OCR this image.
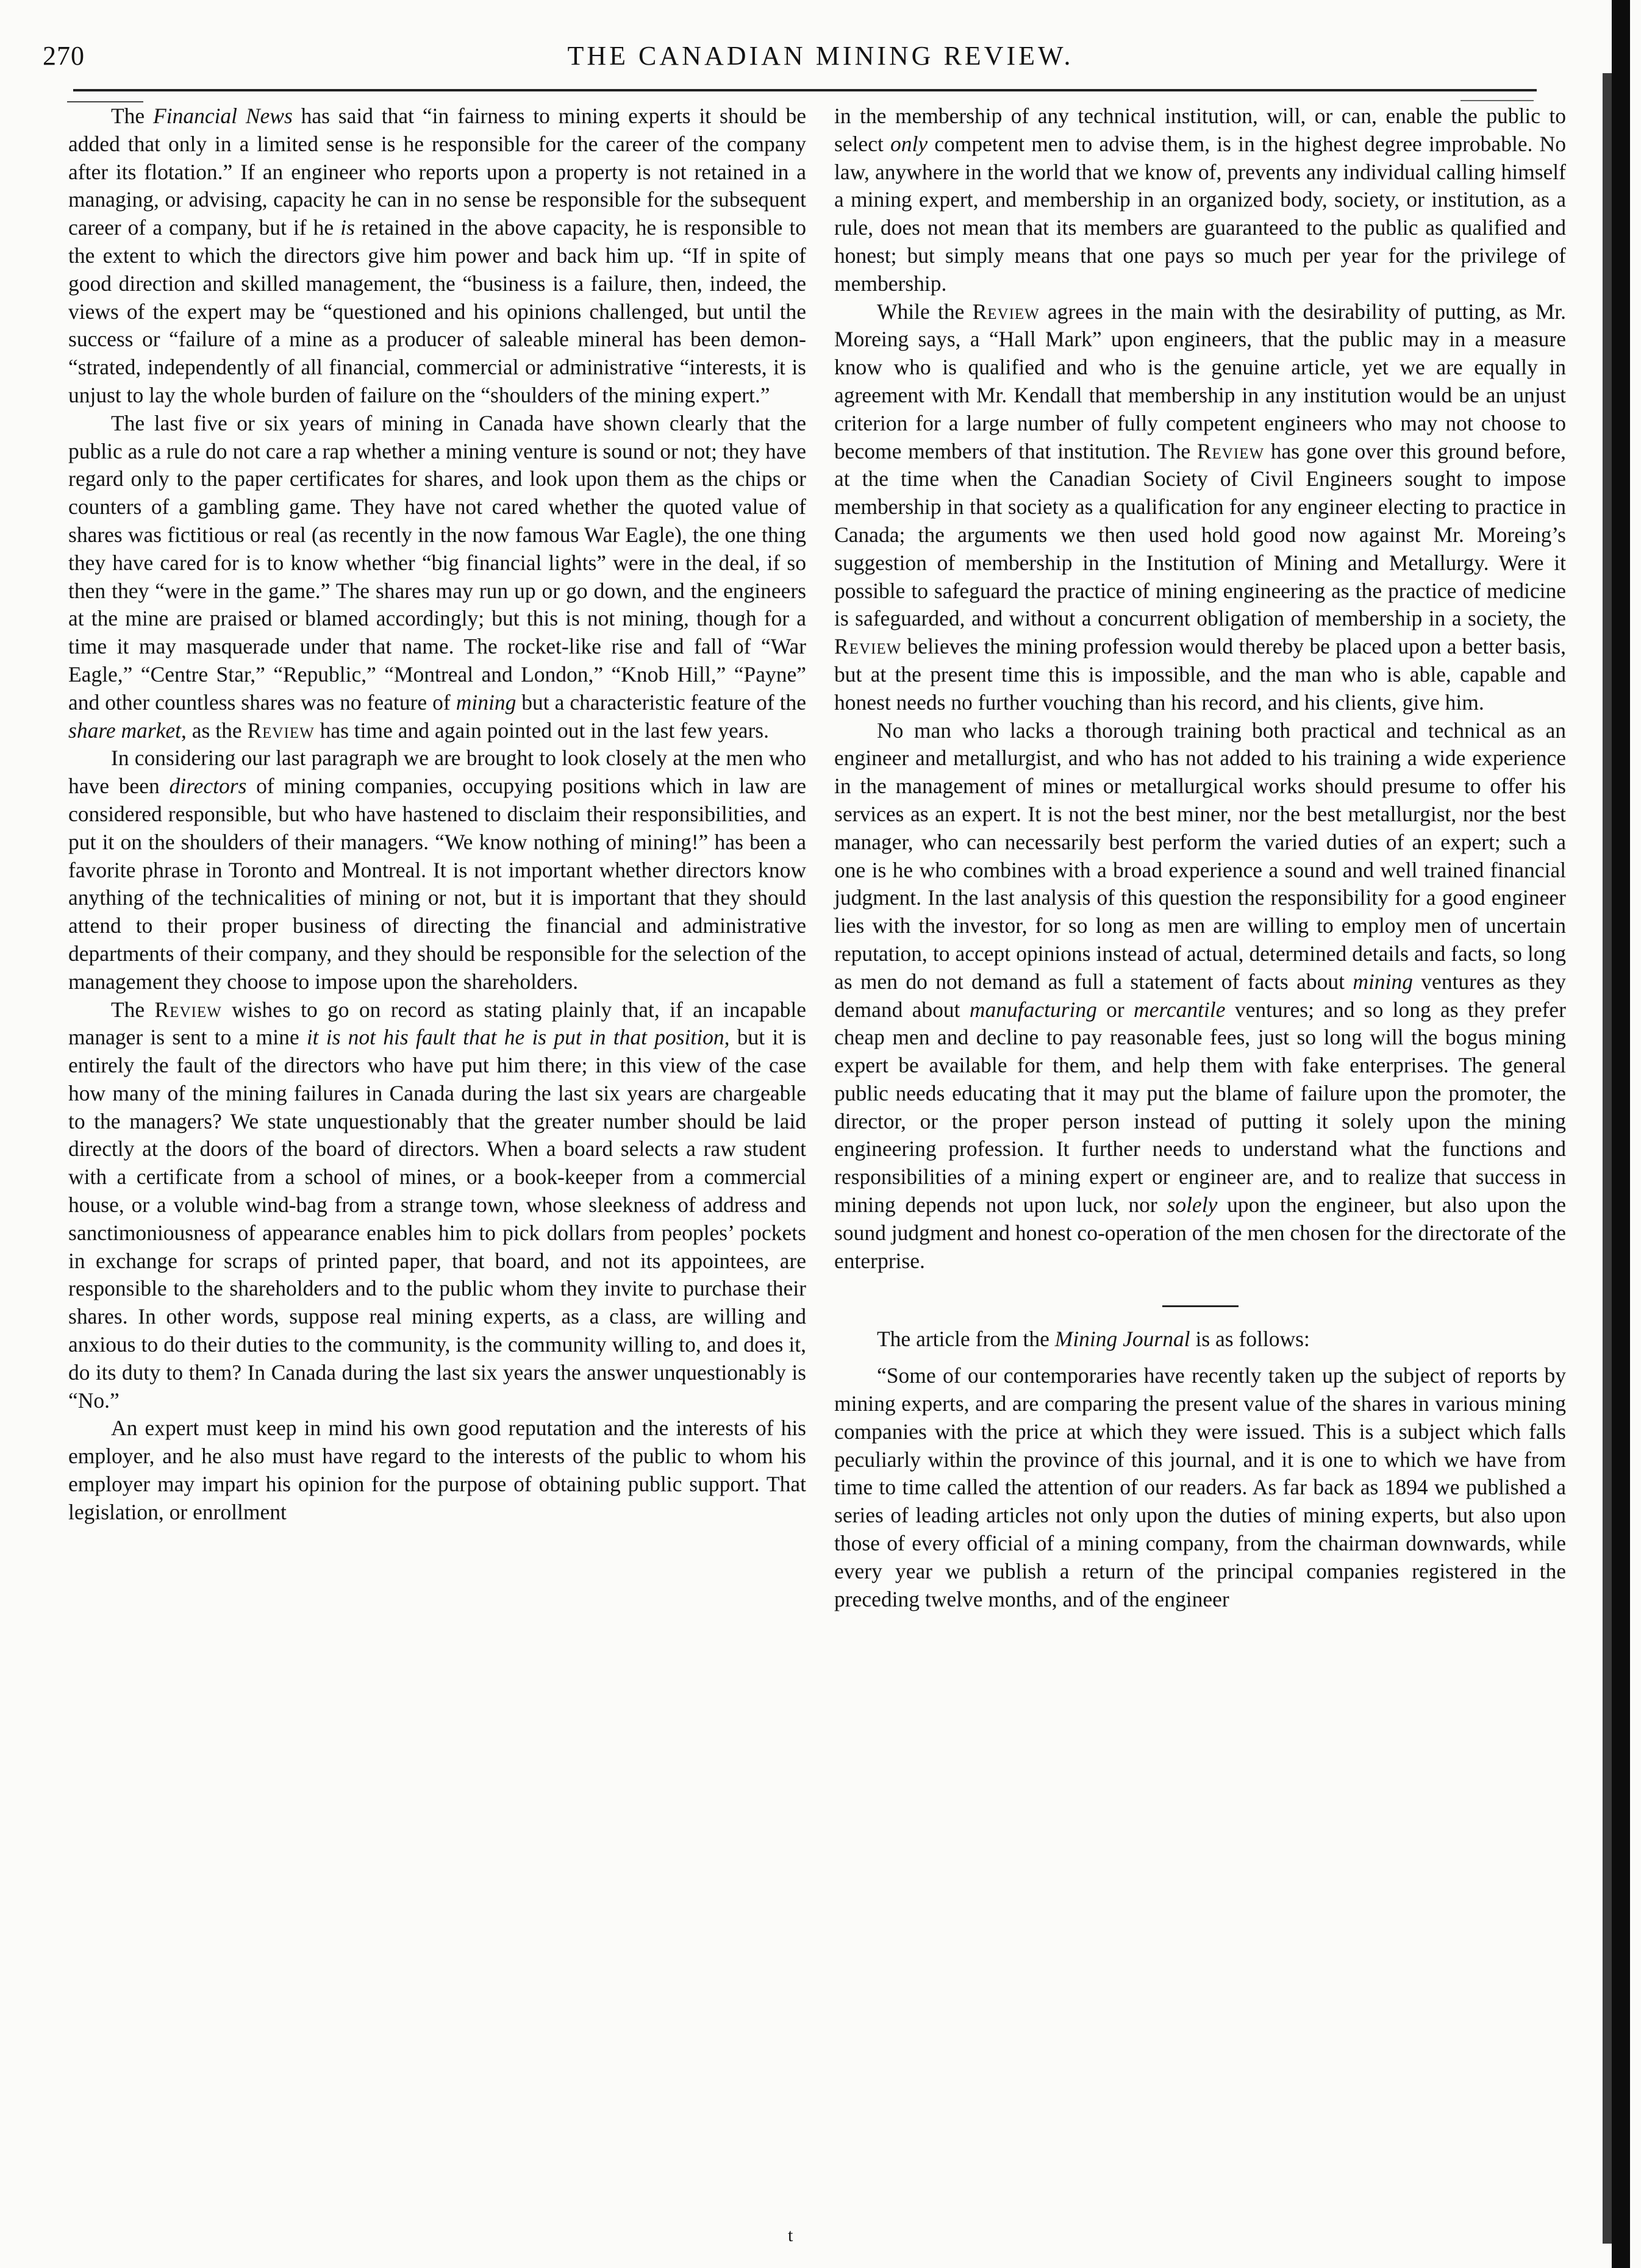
270	THE CANADIAN MINING REVIEW.

The Financial News has said that “in fairness to mining experts it should be added that only in a limited sense is he responsible for the career of the company after its flotation.” If an engineer who reports upon a property is not retained in a managing, or advising, capacity he can in no sense be responsible for the subsequent career of a company, but if he is retained in the above capacity, he is responsible to the extent to which the directors give him power and back him up. “If in spite of good direction and skilled management, the “business is a failure, then, indeed, the views of the expert may be “questioned and his opinions challenged, but until the success or “failure of a mine as a producer of saleable mineral has been demon- “strated, independently of all financial, commercial or administrative “interests, it is unjust to lay the whole burden of failure on the “shoulders of the mining expert.”

The last five or six years of mining in Canada have shown clearly that the public as a rule do not care a rap whether a mining venture is sound or not; they have regard only to the paper certificates for shares, and look upon them as the chips or counters of a gambling game. They have not cared whether the quoted value of shares was fictitious or real (as recently in the now famous War Eagle), the one thing they have cared for is to know whether “big financial lights” were in the deal, if so then they “were in the game.” The shares may run up or go down, and the engineers at the mine are praised or blamed accordingly; but this is not mining, though for a time it may masquerade under that name. The rocket-like rise and fall of “War Eagle,” “Centre Star,” “Republic,” “Montreal and London,” “Knob Hill,” “Payne” and other countless shares was no feature of mining but a characteristic feature of the share market, as the Review has time and again pointed out in the last few years.

In considering our last paragraph we are brought to look closely at the men who have been directors of mining companies, occupying positions which in law are considered responsible, but who have hastened to disclaim their responsibilities, and put it on the shoulders of their managers. “We know nothing of mining!” has been a favorite phrase in Toronto and Montreal. It is not important whether directors know anything of the technicalities of mining or not, but it is important that they should attend to their proper business of directing the financial and administrative departments of their company, and they should be responsible for the selection of the management they choose to impose upon the shareholders.

The Review wishes to go on record as stating plainly that, if an incapable manager is sent to a mine it is not his fault that he is put in that position, but it is entirely the fault of the directors who have put him there; in this view of the case how many of the mining failures in Canada during the last six years are chargeable to the managers? We state unquestionably that the greater number should be laid directly at the doors of the board of directors. When a board selects a raw student with a certificate from a school of mines, or a book-keeper from a commercial house, or a voluble wind-bag from a strange town, whose sleekness of address and sanctimoniousness of appearance enables him to pick dollars from peoples’ pockets in exchange for scraps of printed paper, that board, and not its appointees, are responsible to the shareholders and to the public whom they invite to purchase their shares. In other words, suppose real mining experts, as a class, are willing and anxious to do their duties to the community, is the community willing to, and does it, do its duty to them? In Canada during the last six years the answer unquestionably is “No.”

An expert must keep in mind his own good reputation and the interests of his employer, and he also must have regard to the interests of the public to whom his employer may impart his opinion for the purpose of obtaining public support. That legislation, or enrollment

in the membership of any technical institution, will, or can, enable the public to select only competent men to advise them, is in the highest degree improbable. No law, anywhere in the world that we know of, prevents any individual calling himself a mining expert, and membership in an organized body, society, or institution, as a rule, does not mean that its members are guaranteed to the public as qualified and honest; but simply means that one pays so much per year for the privilege of membership.

While the Review agrees in the main with the desirability of putting, as Mr. Moreing says, a “Hall Mark” upon engineers, that the public may in a measure know who is qualified and who is the genuine article, yet we are equally in agreement with Mr. Kendall that membership in any institution would be an unjust criterion for a large number of fully competent engineers who may not choose to become members of that institution. The Review has gone over this ground before, at the time when the Canadian Society of Civil Engineers sought to impose membership in that society as a qualification for any engineer electing to practice in Canada; the arguments we then used hold good now against Mr. Moreing’s suggestion of membership in the Institution of Mining and Metallurgy. Were it possible to safeguard the practice of mining engineering as the practice of medicine is safeguarded, and without a concurrent obligation of membership in a society, the Review believes the mining profession would thereby be placed upon a better basis, but at the present time this is impossible, and the man who is able, capable and honest needs no further vouching than his record, and his clients, give him.

No man who lacks a thorough training both practical and technical as an engineer and metallurgist, and who has not added to his training a wide experience in the management of mines or metallurgical works should presume to offer his services as an expert. It is not the best miner, nor the best metallurgist, nor the best manager, who can necessarily best perform the varied duties of an expert; such a one is he who combines with a broad experience a sound and well trained financial judgment. In the last analysis of this question the responsibility for a good engineer lies with the investor, for so long as men are willing to employ men of uncertain reputation, to accept opinions instead of actual, determined details and facts, so long as men do not demand as full a statement of facts about mining ventures as they demand about manufacturing or mercantile ventures; and so long as they prefer cheap men and decline to pay reasonable fees, just so long will the bogus mining expert be available for them, and help them with fake enterprises. The general public needs educating that it may put the blame of failure upon the promoter, the director, or the proper person instead of putting it solely upon the mining engineering profession. It further needs to understand what the functions and responsibilities of a mining expert or engineer are, and to realize that success in mining depends not upon luck, nor solely upon the engineer, but also upon the sound judgment and honest co-operation of the men chosen for the directorate of the enterprise.

The article from the Mining Journal is as follows:

“Some of our contemporaries have recently taken up the subject of reports by mining experts, and are comparing the present value of the shares in various mining companies with the price at which they were issued. This is a subject which falls peculiarly within the province of this journal, and it is one to which we have from time to time called the attention of our readers. As far back as 1894 we published a series of leading articles not only upon the duties of mining experts, but also upon those of every official of a mining company, from the chairman downwards, while every year we publish a return of the principal companies registered in the preceding twelve months, and of the engineer

t
